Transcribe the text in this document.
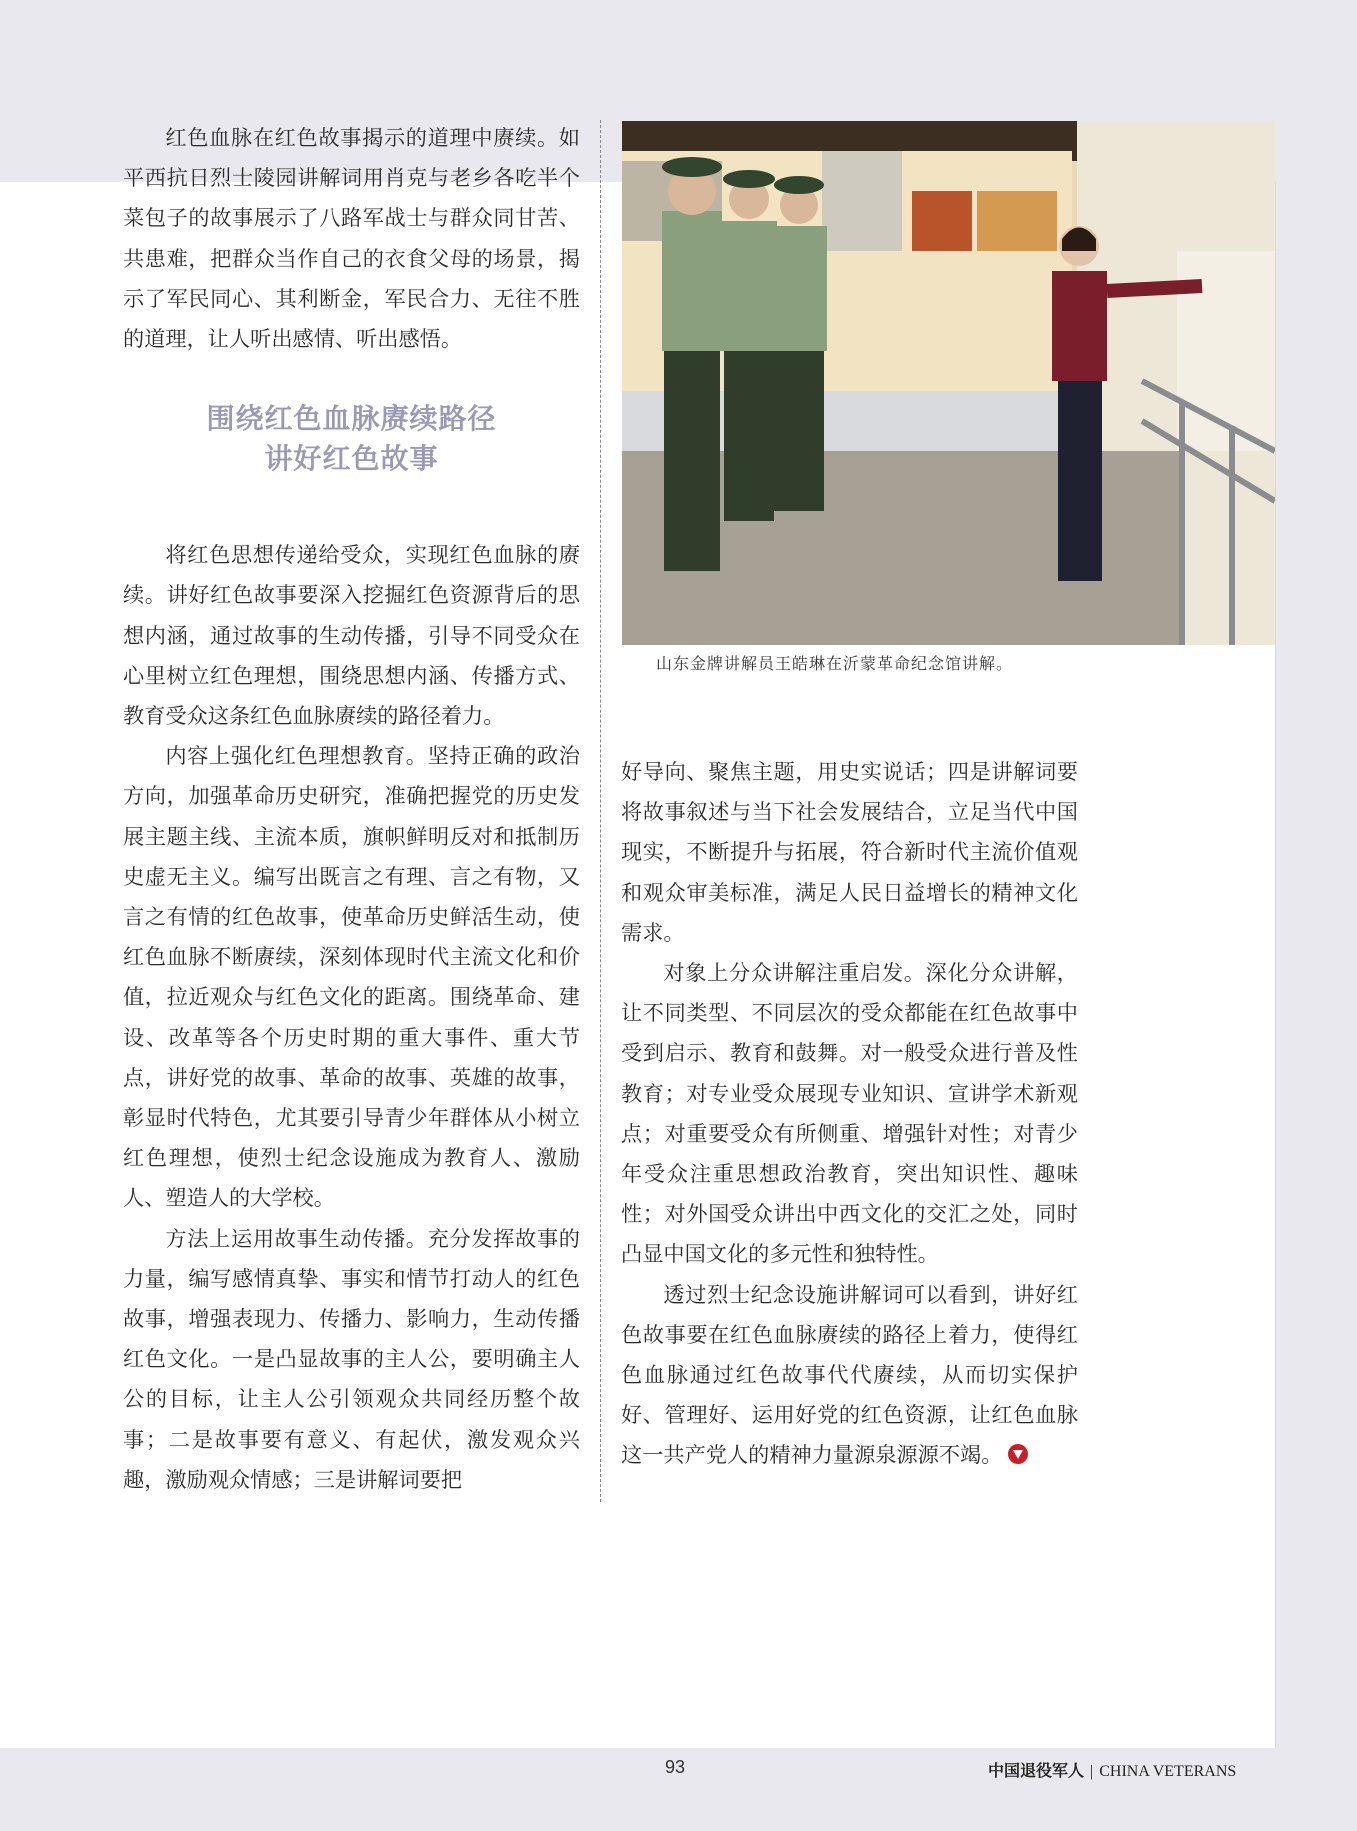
红色血脉在红色故事揭示的道理中赓续。如平西抗日烈士陵园讲解词用肖克与老乡各吃半个菜包子的故事展示了八路军战士与群众同甘苦、共患难，把群众当作自己的衣食父母的场景，揭示了军民同心、其利断金，军民合力、无往不胜的道理，让人听出感情、听出感悟。

围绕红色血脉赓续路径
讲好红色故事

将红色思想传递给受众，实现红色血脉的赓续。讲好红色故事要深入挖掘红色资源背后的思想内涵，通过故事的生动传播，引导不同受众在心里树立红色理想，围绕思想内涵、传播方式、教育受众这条红色血脉赓续的路径着力。

内容上强化红色理想教育。坚持正确的政治方向，加强革命历史研究，准确把握党的历史发展主题主线、主流本质，旗帜鲜明反对和抵制历史虚无主义。编写出既言之有理、言之有物，又言之有情的红色故事，使革命历史鲜活生动，使红色血脉不断赓续，深刻体现时代主流文化和价值，拉近观众与红色文化的距离。围绕革命、建设、改革等各个历史时期的重大事件、重大节点，讲好党的故事、革命的故事、英雄的故事，彰显时代特色，尤其要引导青少年群体从小树立红色理想，使烈士纪念设施成为教育人、激励人、塑造人的大学校。

方法上运用故事生动传播。充分发挥故事的力量，编写感情真挚、事实和情节打动人的红色故事，增强表现力、传播力、影响力，生动传播红色文化。一是凸显故事的主人公，要明确主人公的目标，让主人公引领观众共同经历整个故事；二是故事要有意义、有起伏，激发观众兴趣，激励观众情感；三是讲解词要把

山东金牌讲解员王皓琳在沂蒙革命纪念馆讲解。

好导向、聚焦主题，用史实说话；四是讲解词要将故事叙述与当下社会发展结合，立足当代中国现实，不断提升与拓展，符合新时代主流价值观和观众审美标准，满足人民日益增长的精神文化需求。

对象上分众讲解注重启发。深化分众讲解，让不同类型、不同层次的受众都能在红色故事中受到启示、教育和鼓舞。对一般受众进行普及性教育；对专业受众展现专业知识、宣讲学术新观点；对重要受众有所侧重、增强针对性；对青少年受众注重思想政治教育，突出知识性、趣味性；对外国受众讲出中西文化的交汇之处，同时凸显中国文化的多元性和独特性。

透过烈士纪念设施讲解词可以看到，讲好红色故事要在红色血脉赓续的路径上着力，使得红色血脉通过红色故事代代赓续，从而切实保护好、管理好、运用好党的红色资源，让红色血脉这一共产党人的精神力量源泉源源不竭。

93	中国退役军人 | CHINA VETERANS
